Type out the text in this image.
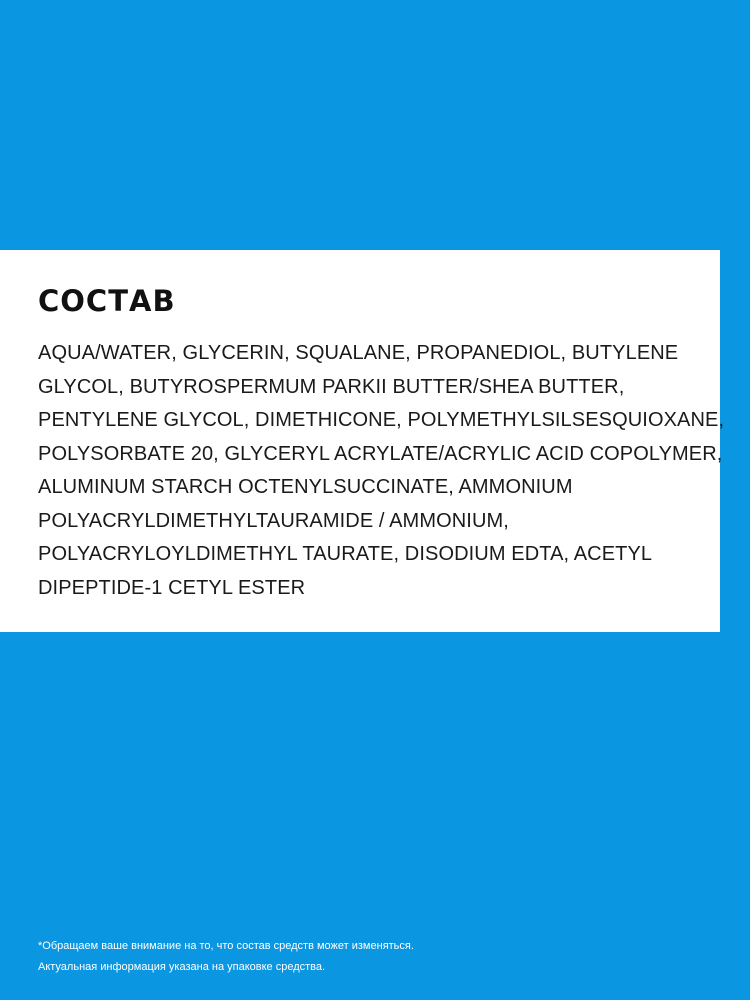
СОСТАВ
AQUA/WATER, GLYCERIN, SQUALANE, PROPANEDIOL, BUTYLENE
GLYCOL, BUTYROSPERMUM PARKII BUTTER/SHEA BUTTER,
PENTYLENE GLYCOL, DIMETHICONE, POLYMETHYLSILSESQUIOXANE,
POLYSORBATE 20, GLYCERYL ACRYLATE/ACRYLIC ACID COPOLYMER,
ALUMINUM STARCH OCTENYLSUCCINATE, AMMONIUM
POLYACRYLDIMETHYLTAURAMIDE / AMMONIUM,
POLYACRYLOYLDIMETHYL TAURATE, DISODIUM EDTA, ACETYL
DIPEPTIDE-1 CETYL ESTER
*Обращаем ваше внимание на то, что состав средств может изменяться.
Актуальная информация указана на упаковке средства.
